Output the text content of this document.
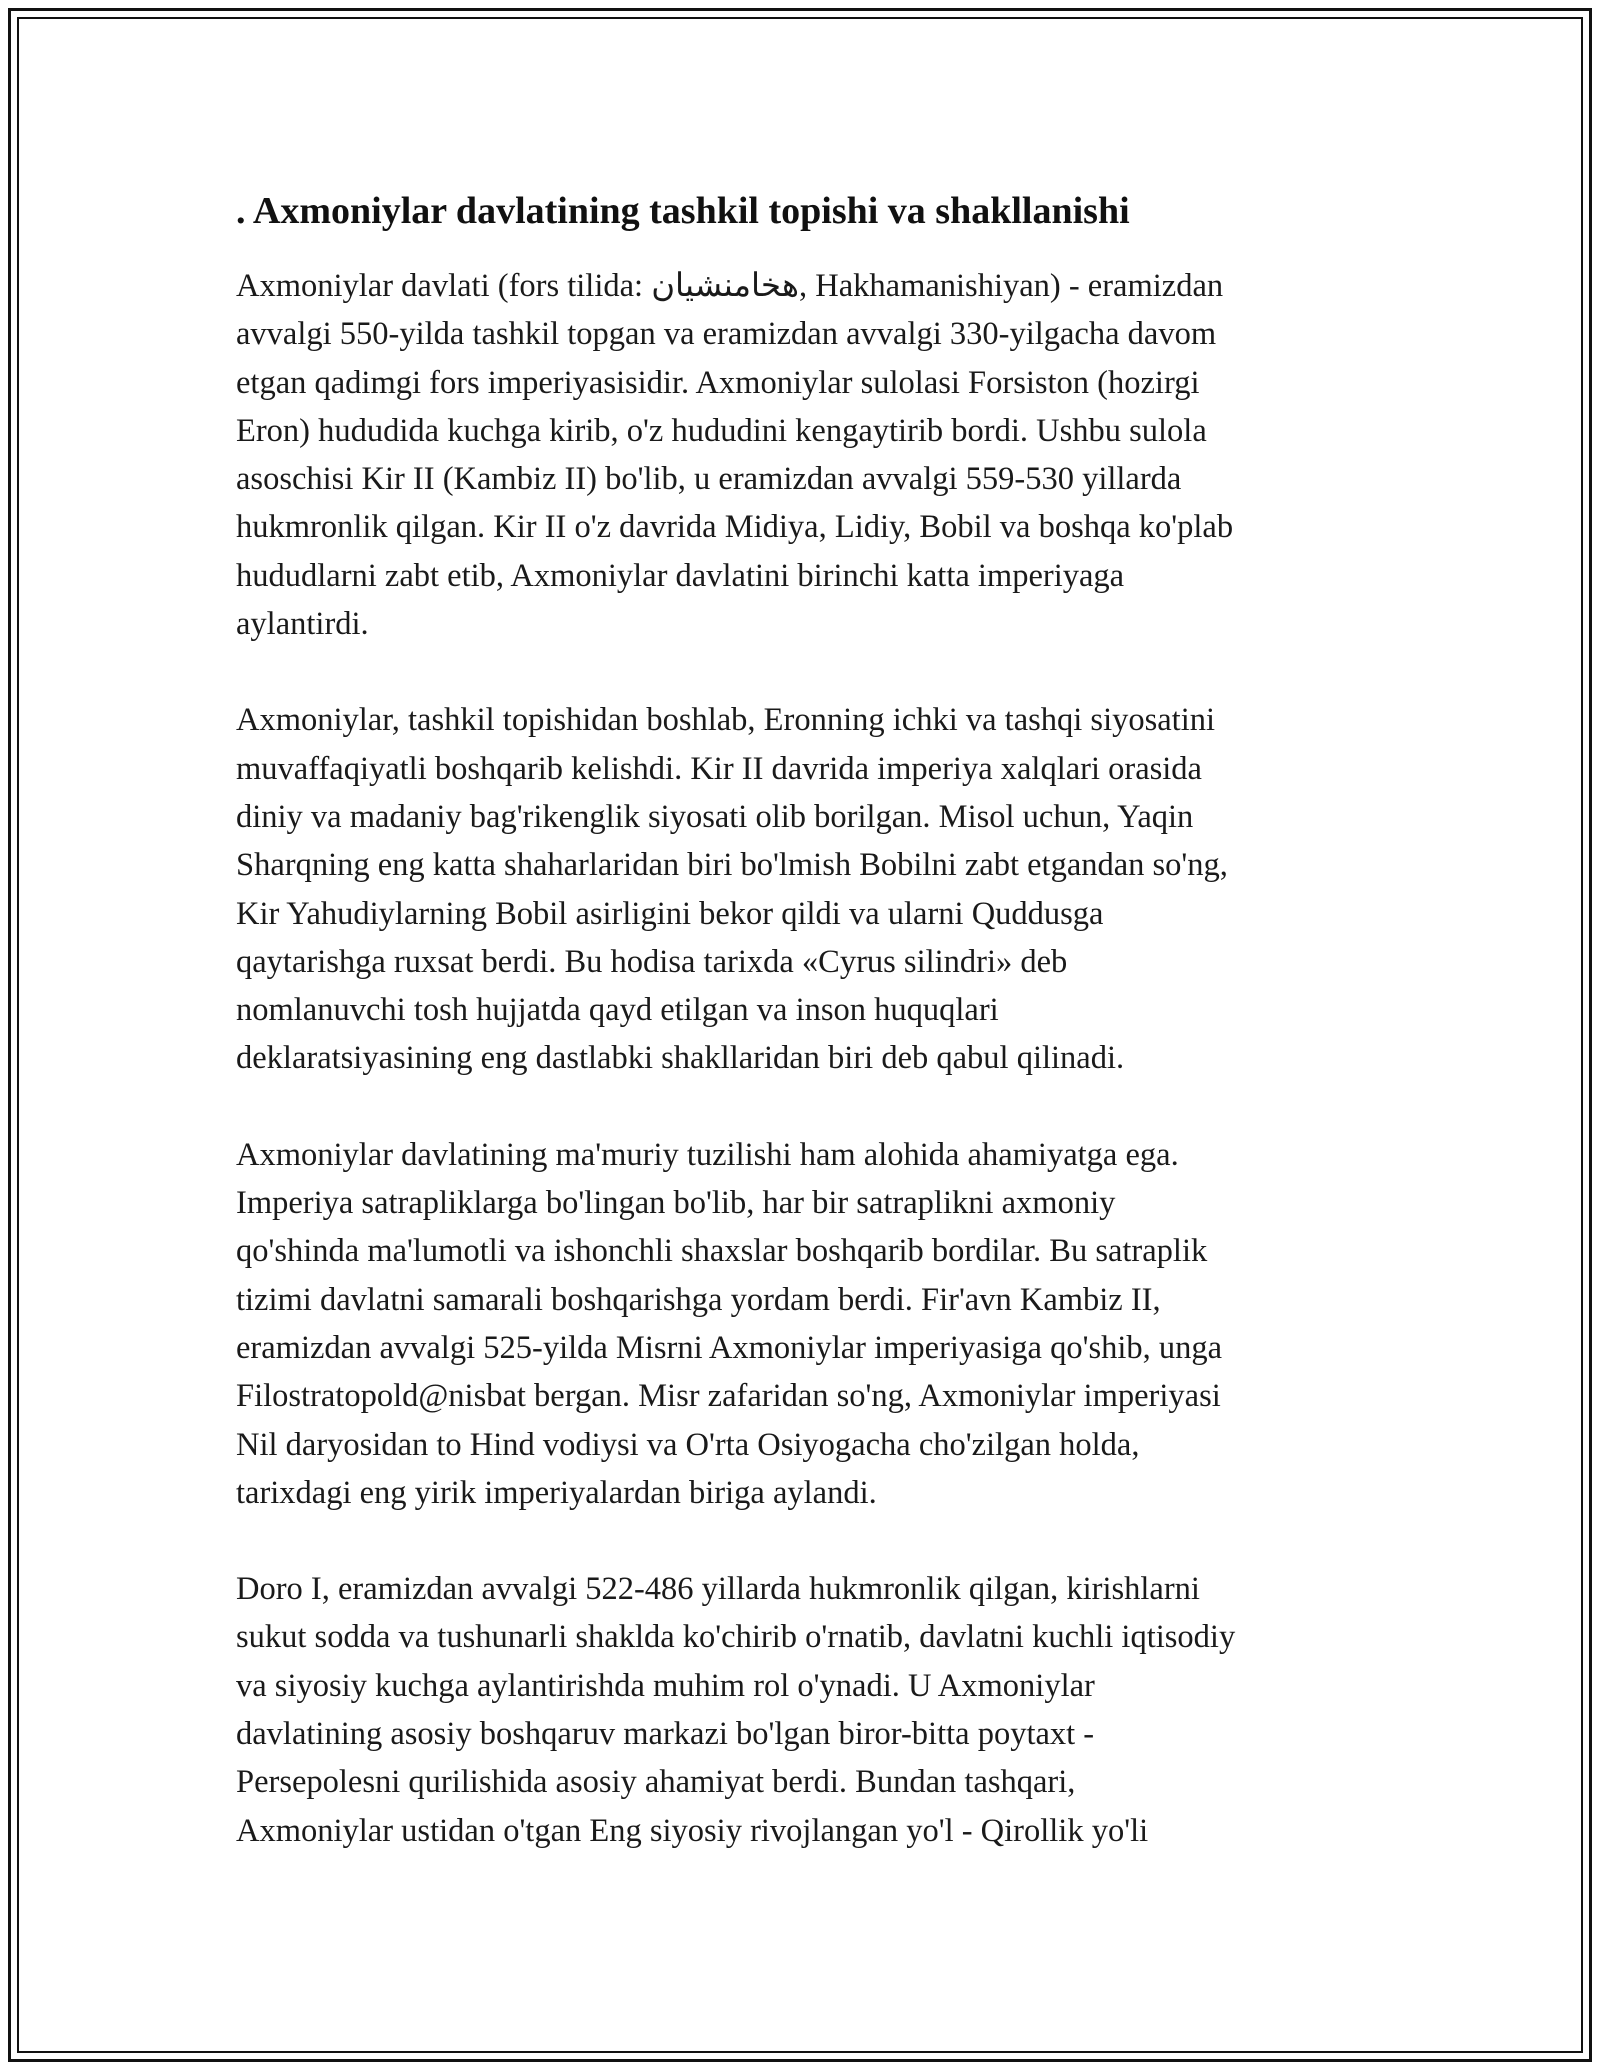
. Axmoniylar davlatining tashkil topishi va shakllanishi

Axmoniylar davlati (fors tilida: هخامنشیان, Hakhamanishiyan) - eramizdan
avvalgi 550-yilda tashkil topgan va eramizdan avvalgi 330-yilgacha davom
etgan qadimgi fors imperiyasisidir. Axmoniylar sulolasi Forsiston (hozirgi
Eron) hududida kuchga kirib, o'z hududini kengaytirib bordi. Ushbu sulola
asoschisi Kir II (Kambiz II) bo'lib, u eramizdan avvalgi 559-530 yillarda
hukmronlik qilgan. Kir II o'z davrida Midiya, Lidiy, Bobil va boshqa ko'plab
hududlarni zabt etib, Axmoniylar davlatini birinchi katta imperiyaga
aylantirdi.

Axmoniylar, tashkil topishidan boshlab, Eronning ichki va tashqi siyosatini
muvaffaqiyatli boshqarib kelishdi. Kir II davrida imperiya xalqlari orasida
diniy va madaniy bag'rikenglik siyosati olib borilgan. Misol uchun, Yaqin
Sharqning eng katta shaharlaridan biri bo'lmish Bobilni zabt etgandan so'ng,
Kir Yahudiylarning Bobil asirligini bekor qildi va ularni Quddusga
qaytarishga ruxsat berdi. Bu hodisa tarixda «Cyrus silindri» deb
nomlanuvchi tosh hujjatda qayd etilgan va inson huquqlari
deklaratsiyasining eng dastlabki shakllaridan biri deb qabul qilinadi.

Axmoniylar davlatining ma'muriy tuzilishi ham alohida ahamiyatga ega.
Imperiya satrapliklarga bo'lingan bo'lib, har bir satraplikni axmoniy
qo'shinda ma'lumotli va ishonchli shaxslar boshqarib bordilar. Bu satraplik
tizimi davlatni samarali boshqarishga yordam berdi. Fir'avn Kambiz II,
eramizdan avvalgi 525-yilda Misrni Axmoniylar imperiyasiga qo'shib, unga
Filostratopold@nisbat bergan. Misr zafaridan so'ng, Axmoniylar imperiyasi
Nil daryosidan to Hind vodiysi va O'rta Osiyogacha cho'zilgan holda,
tarixdagi eng yirik imperiyalardan biriga aylandi.

Doro I, eramizdan avvalgi 522-486 yillarda hukmronlik qilgan, kirishlarni
sukut sodda va tushunarli shaklda ko'chirib o'rnatib, davlatni kuchli iqtisodiy
va siyosiy kuchga aylantirishda muhim rol o'ynadi. U Axmoniylar
davlatining asosiy boshqaruv markazi bo'lgan biror-bitta poytaxt -
Persepolesni qurilishida asosiy ahamiyat berdi. Bundan tashqari,
Axmoniylar ustidan o'tgan Eng siyosiy rivojlangan yo'l - Qirollik yo'li
